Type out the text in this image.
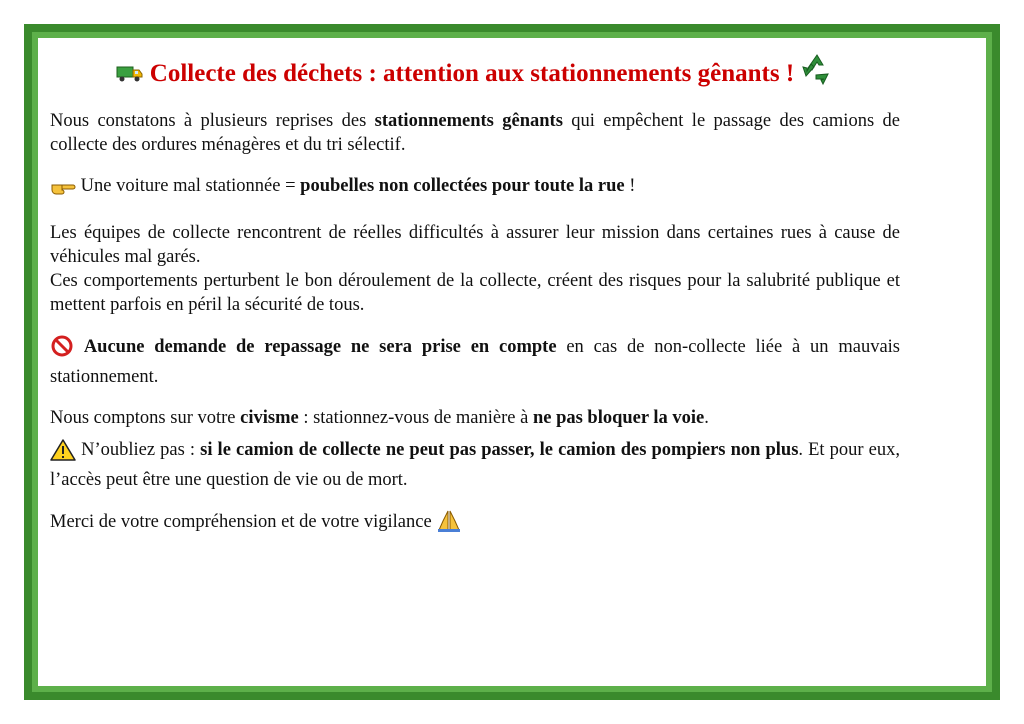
Collecte des déchets : attention aux stationnements gênants !

Nous constatons à plusieurs reprises des stationnements gênants qui empêchent le passage des camions de collecte des ordures ménagères et du tri sélectif.

Une voiture mal stationnée = poubelles non collectées pour toute la rue !

Les équipes de collecte rencontrent de réelles difficultés à assurer leur mission dans certaines rues à cause de véhicules mal garés.

Ces comportements perturbent le bon déroulement de la collecte, créent des risques pour la salubrité publique et mettent parfois en péril la sécurité de tous.

Aucune demande de repassage ne sera prise en compte en cas de non-collecte liée à un mauvais stationnement.

Nous comptons sur votre civisme : stationnez-vous de manière à ne pas bloquer la voie.

N’oubliez pas : si le camion de collecte ne peut pas passer, le camion des pompiers non plus. Et pour eux, l’accès peut être une question de vie ou de mort.

Merci de votre compréhension et de votre vigilance
